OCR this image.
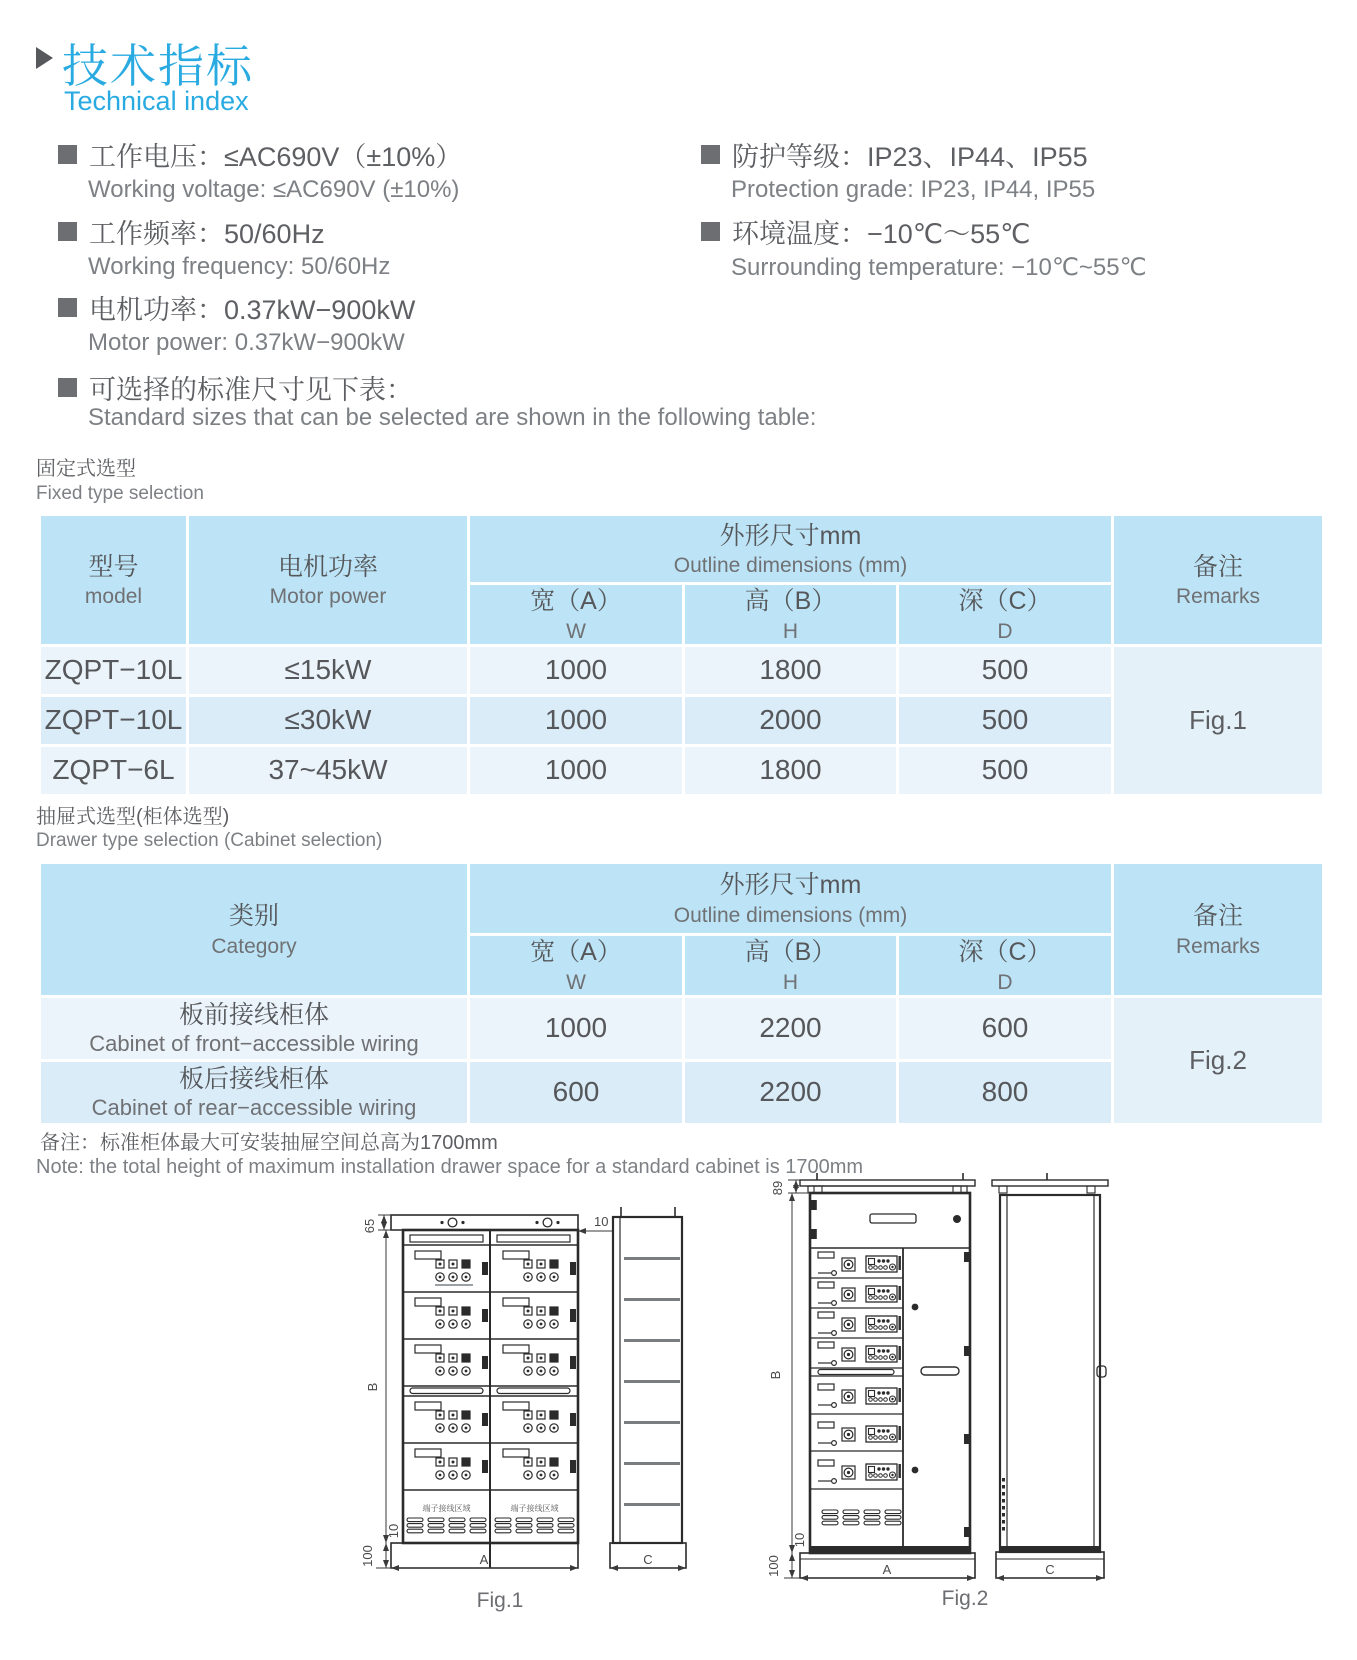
技术指标
Technical index
工作电压：≤AC690V（±10%）
Working voltage: ≤AC690V (±10%)
工作频率：50/60Hz
Working frequency: 50/60Hz
电机功率：0.37kW−900kW
Motor power: 0.37kW−900kW
可选择的标准尺寸见下表：
Standard sizes that can be selected are shown in the following table:
防护等级：IP23、IP44、IP55
Protection grade: IP23, IP44, IP55
环境温度：−10℃～55℃
Surrounding temperature: −10℃~55℃
固定式选型
Fixed type selection
型号
model

电机功率
Motor power

外形尺寸mm
Outline dimensions (mm)	备注
Remarks

宽（A）
W

高（B）
H

深（C）
D

ZQPT−10L	≤15kW	1000	1800	500	Fig.1
ZQPT−10L	≤30kW	1000	2000	500	
ZQPT−6L	37~45kW	1000	1800	500	
抽屉式选型(柜体选型)
Drawer type selection (Cabinet selection)
类别
Category

外形尺寸mm
Outline dimensions (mm)	备注
Remarks

宽（A）
W

高（B）
H

深（C）
D

板前接线柜体
Cabinet of front−accessible wiring	1000	2200	600	Fig.2

板后接线柜体
Cabinet of rear−accessible wiring	600	2200	800	
备注：标准柜体最大可安装抽屉空间总高为1700mm
Note: the total height of maximum installation drawer space for a standard cabinet is 1700mm
端子接线区域	端子接线区域
65	10
B
10
100	A	C
Fig.1
89
B
10
100	A	C
Fig.2
